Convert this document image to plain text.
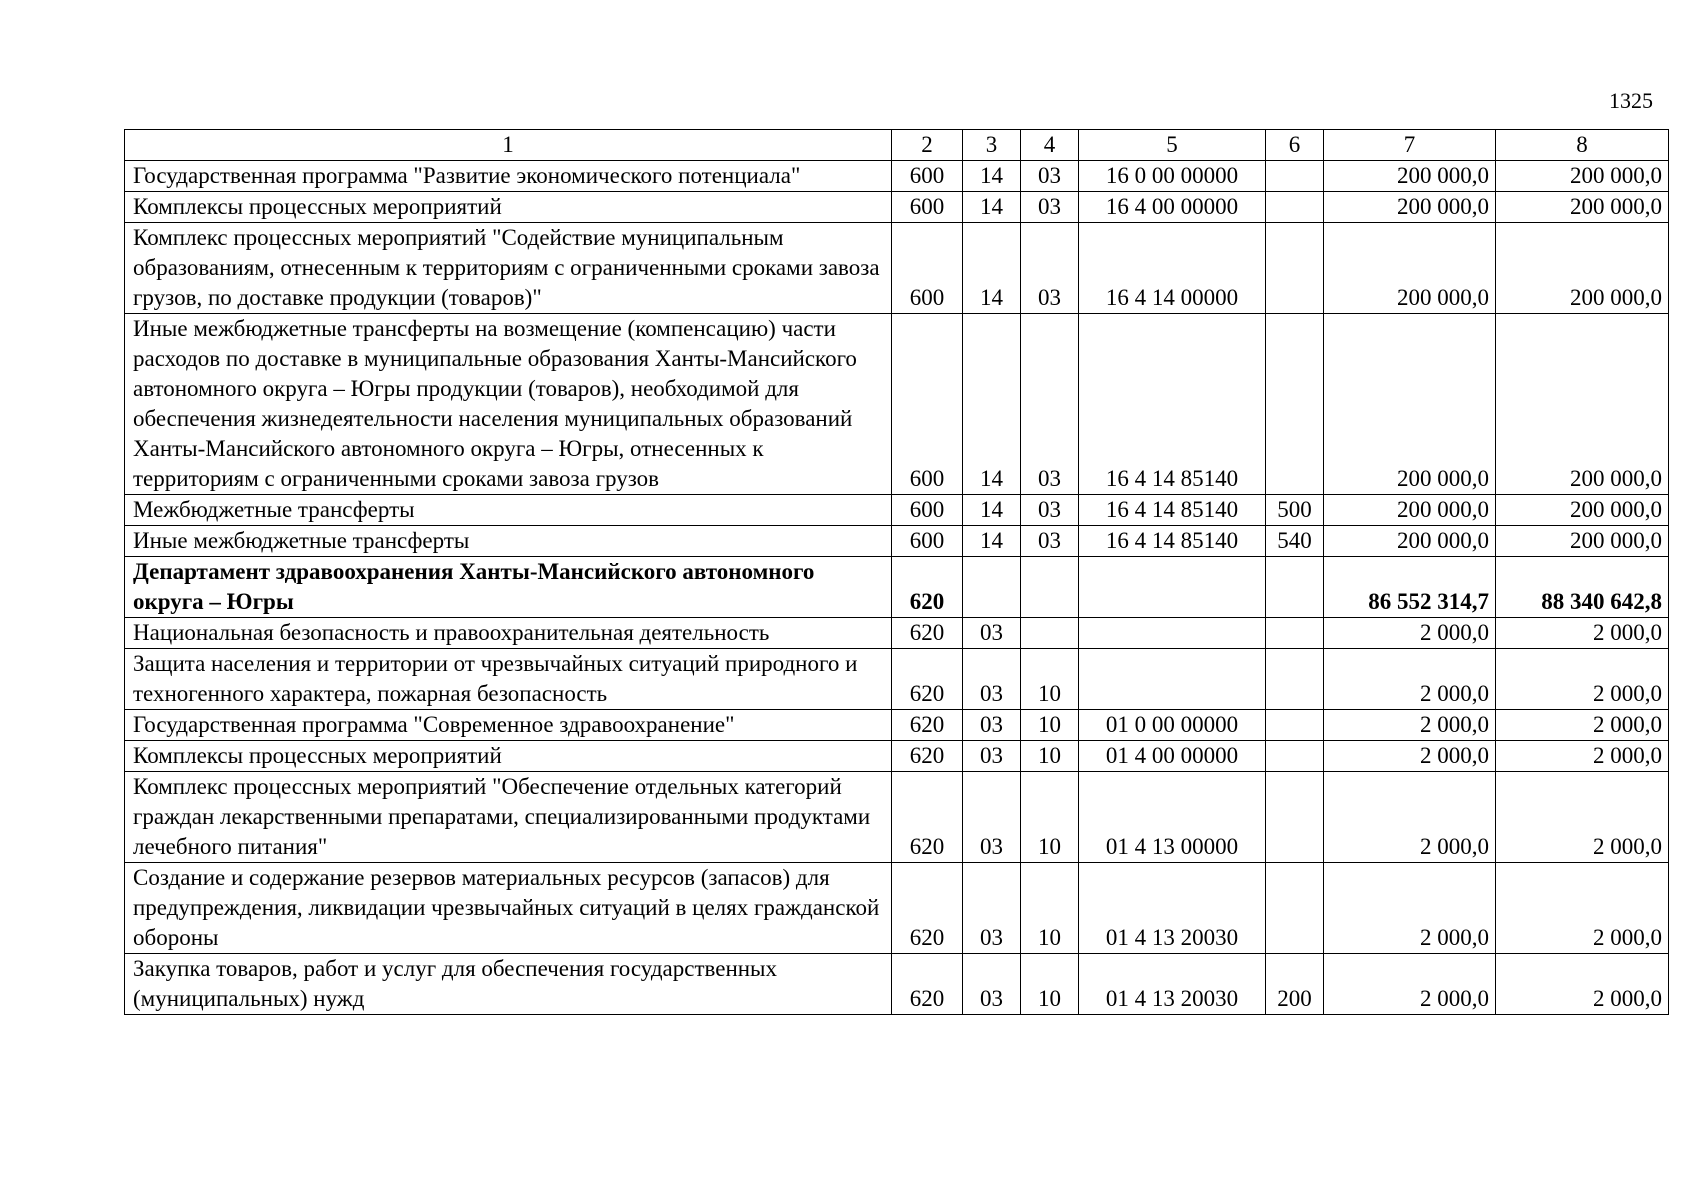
1325
1	2	3	4	5	6	7	8
Государственная программа "Развитие экономического потенциала"	600	14	03	16 0 00 00000		200 000,0	200 000,0
Комплексы процессных мероприятий	600	14	03	16 4 00 00000		200 000,0	200 000,0
Комплекс процессных мероприятий "Содействие муниципальным образованиям, отнесенным к территориям с ограниченными сроками завоза грузов, по доставке продукции (товаров)"	600	14	03	16 4 14 00000		200 000,0	200 000,0
Иные межбюджетные трансферты на возмещение (компенсацию) части расходов по доставке в муниципальные образования Ханты-Мансийского автономного округа – Югры продукции (товаров), необходимой для обеспечения жизнедеятельности населения муниципальных образований Ханты-Мансийского автономного округа – Югры, отнесенных к территориям с ограниченными сроками завоза грузов	600	14	03	16 4 14 85140		200 000,0	200 000,0
Межбюджетные трансферты	600	14	03	16 4 14 85140	500	200 000,0	200 000,0
Иные межбюджетные трансферты	600	14	03	16 4 14 85140	540	200 000,0	200 000,0
Департамент здравоохранения Ханты-Мансийского автономного округа – Югры	620					86 552 314,7	88 340 642,8
Национальная безопасность и правоохранительная деятельность	620	03				2 000,0	2 000,0
Защита населения и территории от чрезвычайных ситуаций природного и техногенного характера, пожарная безопасность	620	03	10			2 000,0	2 000,0
Государственная программа "Современное здравоохранение"	620	03	10	01 0 00 00000		2 000,0	2 000,0
Комплексы процессных мероприятий	620	03	10	01 4 00 00000		2 000,0	2 000,0
Комплекс процессных мероприятий "Обеспечение отдельных категорий граждан лекарственными препаратами, специализированными продуктами лечебного питания"	620	03	10	01 4 13 00000		2 000,0	2 000,0
Создание и содержание резервов материальных ресурсов (запасов) для предупреждения, ликвидации чрезвычайных ситуаций в целях гражданской обороны	620	03	10	01 4 13 20030		2 000,0	2 000,0
Закупка товаров, работ и услуг для обеспечения государственных (муниципальных) нужд	620	03	10	01 4 13 20030	200	2 000,0	2 000,0
